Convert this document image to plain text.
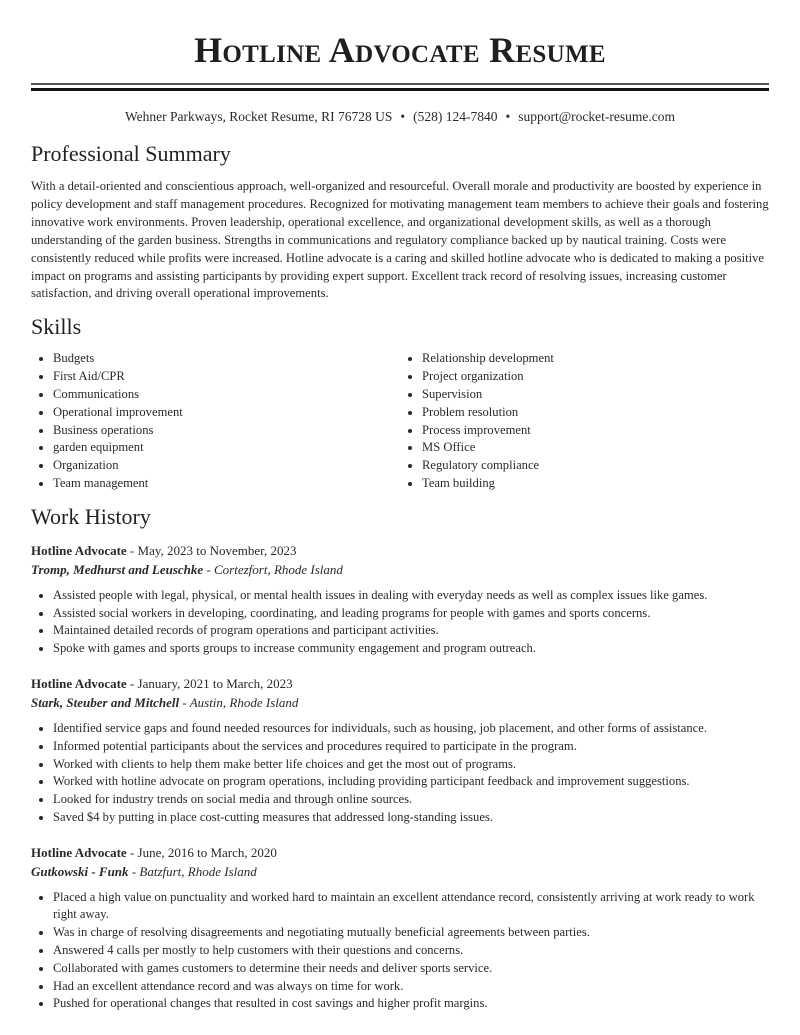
Hotline Advocate Resume
Wehner Parkways, Rocket Resume, RI 76728 US • (528) 124-7840 • support@rocket-resume.com
Professional Summary

With a detail-oriented and conscientious approach, well-organized and resourceful. Overall morale and productivity are boosted by experience in policy development and staff management procedures. Recognized for motivating management team members to achieve their goals and fostering innovative work environments. Proven leadership, operational excellence, and organizational development skills, as well as a thorough understanding of the garden business. Strengths in communications and regulatory compliance backed up by nautical training. Costs were consistently reduced while profits were increased. Hotline advocate is a caring and skilled hotline advocate who is dedicated to making a positive impact on programs and assisting participants by providing expert support. Excellent track record of resolving issues, increasing customer satisfaction, and driving overall operational improvements.

Skills
• Budgets
• First Aid/CPR
• Communications
• Operational improvement
• Business operations
• garden equipment
• Organization
• Team management
• Relationship development
• Project organization
• Supervision
• Problem resolution
• Process improvement
• MS Office
• Regulatory compliance
• Team building
Work History
Hotline Advocate - May, 2023 to November, 2023
Tromp, Medhurst and Leuschke - Cortezfort, Rhode Island
• Assisted people with legal, physical, or mental health issues in dealing with everyday needs as well as complex issues like games.
• Assisted social workers in developing, coordinating, and leading programs for people with games and sports concerns.
• Maintained detailed records of program operations and participant activities.
• Spoke with games and sports groups to increase community engagement and program outreach.
Hotline Advocate - January, 2021 to March, 2023
Stark, Steuber and Mitchell - Austin, Rhode Island
• Identified service gaps and found needed resources for individuals, such as housing, job placement, and other forms of assistance.
• Informed potential participants about the services and procedures required to participate in the program.
• Worked with clients to help them make better life choices and get the most out of programs.
• Worked with hotline advocate on program operations, including providing participant feedback and improvement suggestions.
• Looked for industry trends on social media and through online sources.
• Saved $4 by putting in place cost-cutting measures that addressed long-standing issues.
Hotline Advocate - June, 2016 to March, 2020
Gutkowski - Funk - Batzfurt, Rhode Island
• Placed a high value on punctuality and worked hard to maintain an excellent attendance record, consistently arriving at work ready to work right away.
• Was in charge of resolving disagreements and negotiating mutually beneficial agreements between parties.
• Answered 4 calls per mostly to help customers with their questions and concerns.
• Collaborated with games customers to determine their needs and deliver sports service.
• Had an excellent attendance record and was always on time for work.
• Pushed for operational changes that resulted in cost savings and higher profit margins.
